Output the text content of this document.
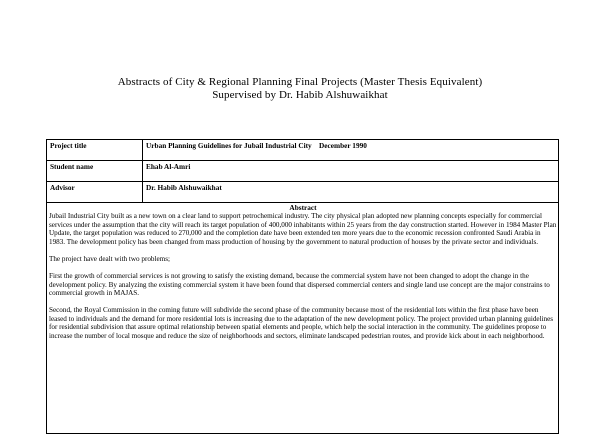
Abstracts of City & Regional Planning Final Projects (Master Thesis Equivalent)
Supervised by Dr. Habib Alshuwaikhat
Project title	Urban Planning Guidelines for Jubail Industrial City    December 1990
Student name	Ehab Al-Amri
Advisor	Dr. Habib Alshuwaikhat

Abstract

Jubail Industrial City built as a new town on a clear land to support petrochemical industry. The city physical plan adopted new planning concepts especially for commercial services under the assumption that the city will reach its target population of 400,000 inhabitants within 25 years from the day construction started. However in 1984 Master Plan Update, the target population was reduced to 270,000 and the completion date have been extended ten more years due to the economic recession confronted Saudi Arabia in 1983. The development policy has been changed from mass production of housing by the government to natural production of houses by the private sector and individuals.

The project have dealt with two problems;

First the growth of commercial services is not growing to satisfy the existing demand, because the commercial system have not been changed to adopt the change in the development policy. By analyzing the existing commercial system it have been found that dispersed commercial centers and single land use concept are the major constrains to commercial growth in MAJAS.

Second, the Royal Commission in the coming future will subdivide the second phase of the community because most of the residential lots within the first phase have been leased to individuals and the demand for more residential lots is increasing due to the adaptation of the new development policy. The project provided urban planning guidelines for residential subdivision that assure optimal relationship between spatial elements and people, which help the social interaction in the community. The guidelines propose to increase the number of local mosque and reduce the size of neighborhoods and sectors, eliminate landscaped pedestrian routes, and provide kick about in each neighborhood.	
